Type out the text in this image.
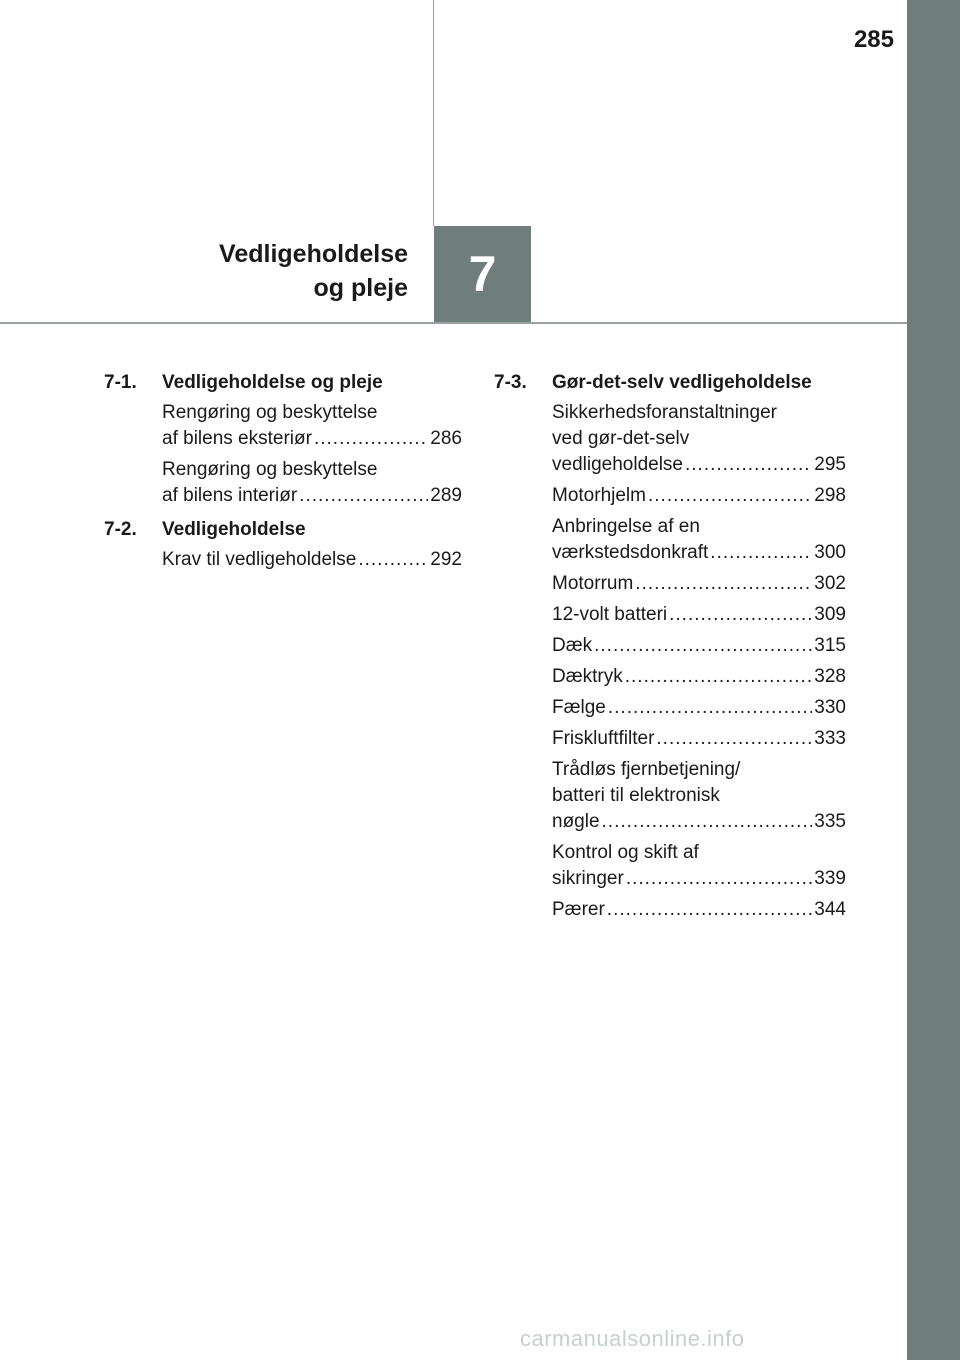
285
Vedligeholdelse
og pleje 7
7-1.	Vedligeholdelse og pleje
Rengøring og beskyttelse
af bilens eksteriør .....	286
Rengøring og beskyttelse
af bilens interiør .....	289
7-2.	Vedligeholdelse
Krav til vedligeholdelse .....	292
7-3.	Gør-det-selv vedligeholdelse
Sikkerhedsforanstaltninger
ved gør-det-selv
vedligeholdelse .....	295
Motorhjelm .....	298
Anbringelse af en
værkstedsdonkraft .....	300
Motorrum .....	302
12-volt batteri .....	309
Dæk .....	315
Dæktryk .....	328
Fælge .....	330
Friskluftfilter .....	333
Trådløs fjernbetjening/
batteri til elektronisk
nøgle .....	335
Kontrol og skift af
sikringer .....	339
Pærer .....	344
carmanualsonline.info
